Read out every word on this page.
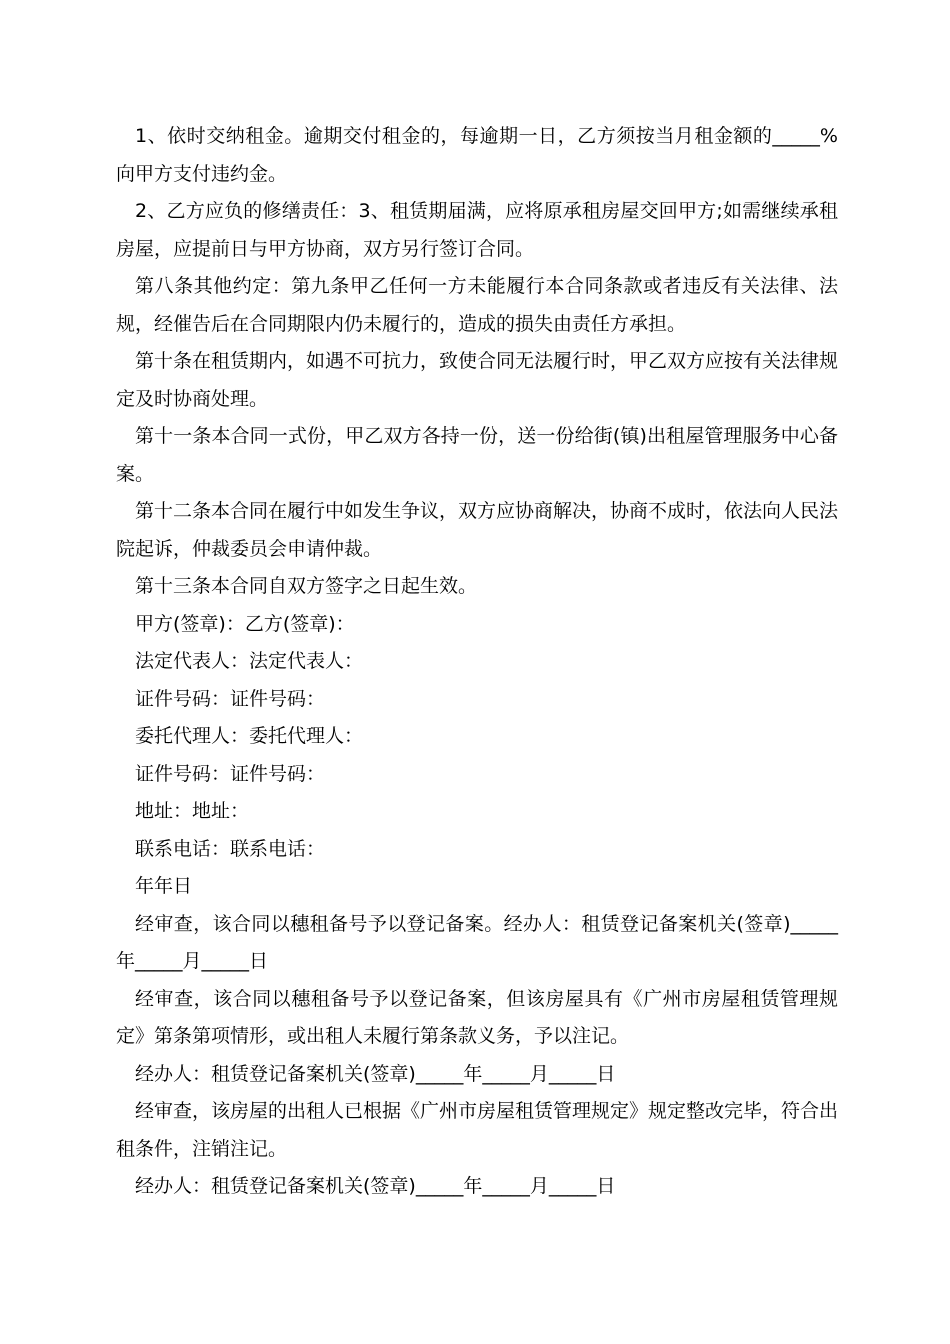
1、依时交纳租金。逾期交付租金的，每逾期一日，乙方须按当月租金额的_____%向甲方支付违约金。

2、乙方应负的修缮责任：3、租赁期届满，应将原承租房屋交回甲方;如需继续承租房屋，应提前日与甲方协商，双方另行签订合同。

第八条其他约定：第九条甲乙任何一方未能履行本合同条款或者违反有关法律、法规，经催告后在合同期限内仍未履行的，造成的损失由责任方承担。

第十条在租赁期内，如遇不可抗力，致使合同无法履行时，甲乙双方应按有关法律规定及时协商处理。

第十一条本合同一式份，甲乙双方各持一份，送一份给街(镇)出租屋管理服务中心备案。

第十二条本合同在履行中如发生争议，双方应协商解决，协商不成时，依法向人民法院起诉，仲裁委员会申请仲裁。

第十三条本合同自双方签字之日起生效。

甲方(签章)：乙方(签章)：

法定代表人：法定代表人：

证件号码：证件号码：

委托代理人：委托代理人：

证件号码：证件号码：

地址：地址：

联系电话：联系电话：

年年日

经审查，该合同以穗租备号予以登记备案。经办人：租赁登记备案机关(签章)_____年_____月_____日

经审查，该合同以穗租备号予以登记备案，但该房屋具有《广州市房屋租赁管理规定》第条第项情形，或出租人未履行第条款义务，予以注记。

经办人：租赁登记备案机关(签章)_____年_____月_____日

经审查，该房屋的出租人已根据《广州市房屋租赁管理规定》规定整改完毕，符合出租条件，注销注记。

经办人：租赁登记备案机关(签章)_____年_____月_____日
